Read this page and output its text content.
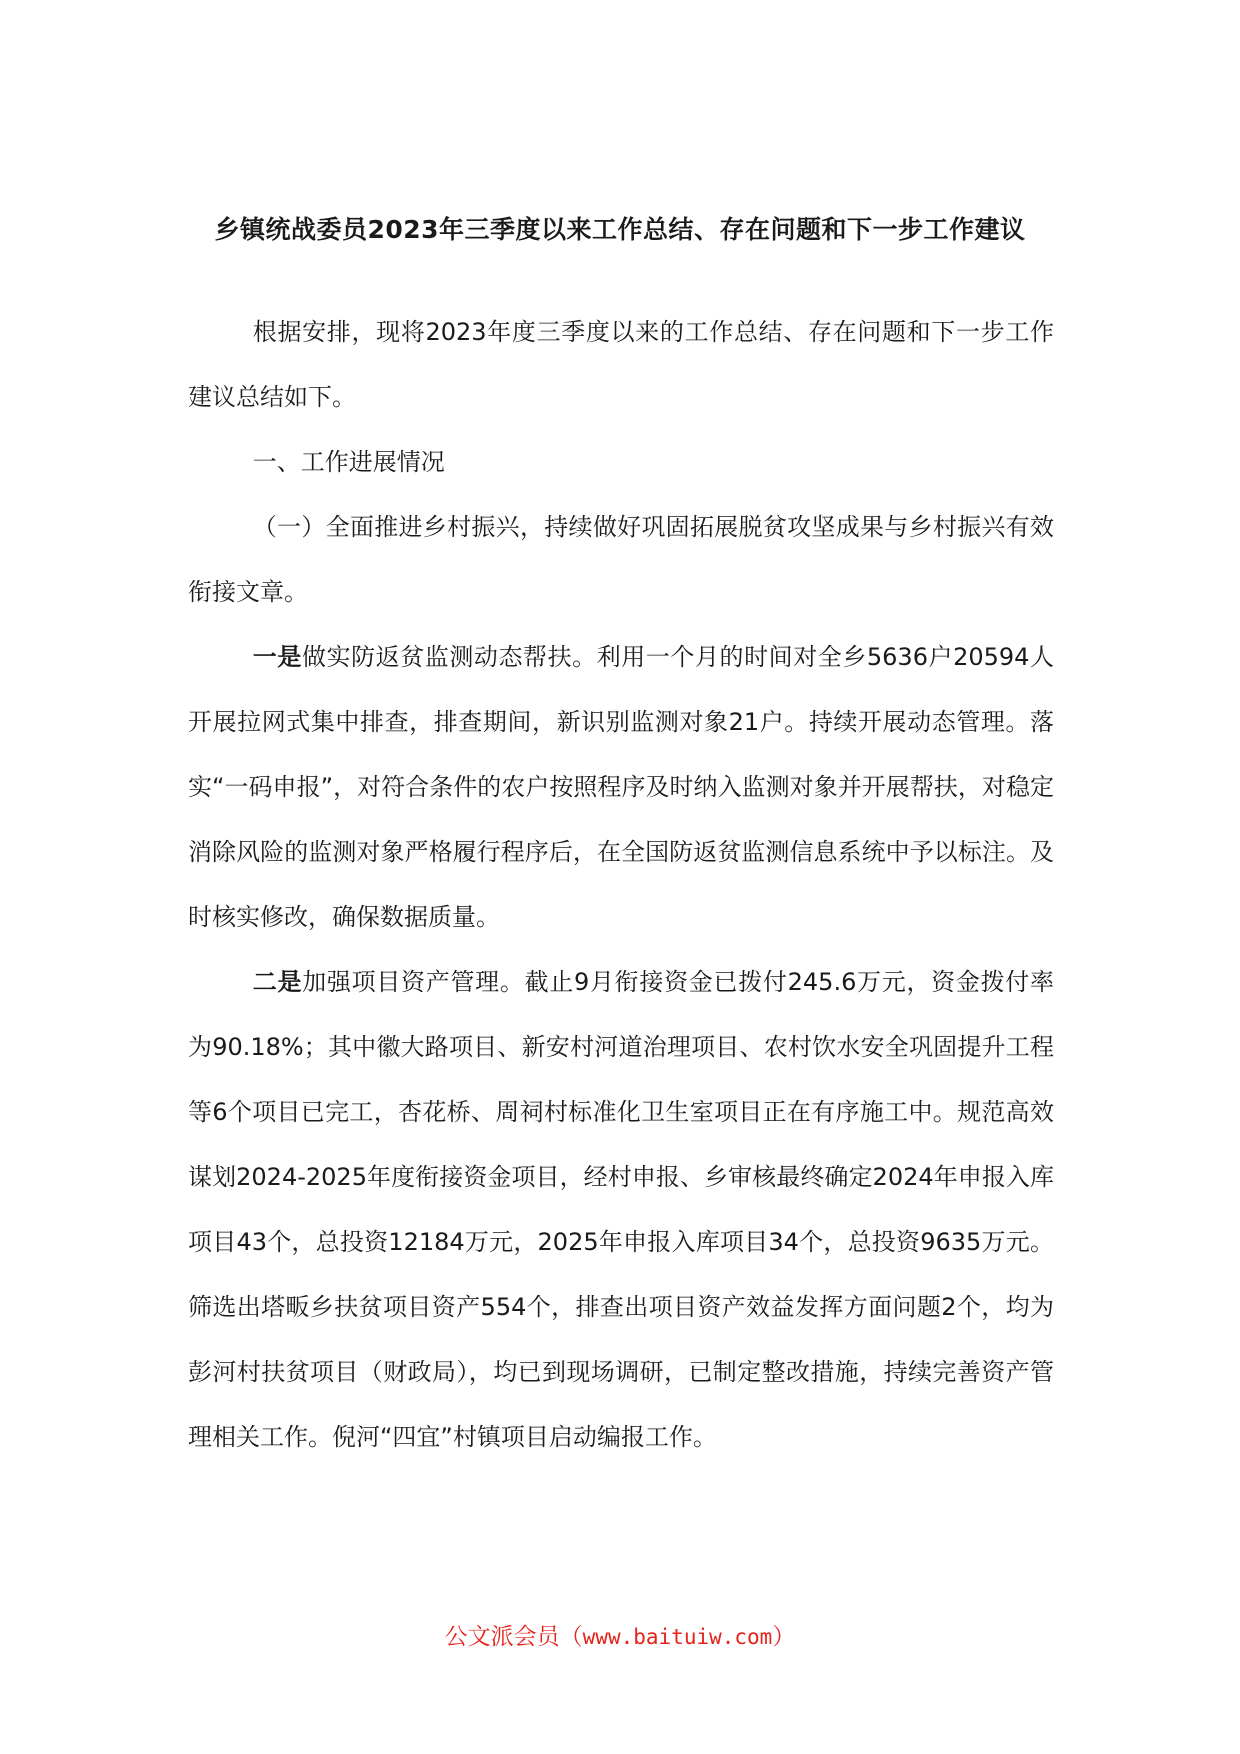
乡镇统战委员2023年三季度以来工作总结、存在问题和下一步工作建议

根据安排，现将2023年度三季度以来的工作总结、存在问题和下一步工作建议总结如下。

一、工作进展情况

（一）全面推进乡村振兴，持续做好巩固拓展脱贫攻坚成果与乡村振兴有效衔接文章。

一是做实防返贫监测动态帮扶。利用一个月的时间对全乡5636户20594人开展拉网式集中排查，排查期间，新识别监测对象21户。持续开展动态管理。落实“一码申报”，对符合条件的农户按照程序及时纳入监测对象并开展帮扶，对稳定消除风险的监测对象严格履行程序后，在全国防返贫监测信息系统中予以标注。及时核实修改，确保数据质量。

二是加强项目资产管理。截止9月衔接资金已拨付245.6万元，资金拨付率为90.18%；其中徽大路项目、新安村河道治理项目、农村饮水安全巩固提升工程等6个项目已完工，杏花桥、周祠村标准化卫生室项目正在有序施工中。规范高效谋划2024-2025年度衔接资金项目，经村申报、乡审核最终确定2024年申报入库项目43个，总投资12184万元，2025年申报入库项目34个，总投资9635万元。筛选出塔畈乡扶贫项目资产554个，排查出项目资产效益发挥方面问题2个，均为彭河村扶贫项目（财政局），均已到现场调研，已制定整改措施，持续完善资产管理相关工作。倪河“四宜”村镇项目启动编报工作。

公文派会员（www.baituiw.com）
